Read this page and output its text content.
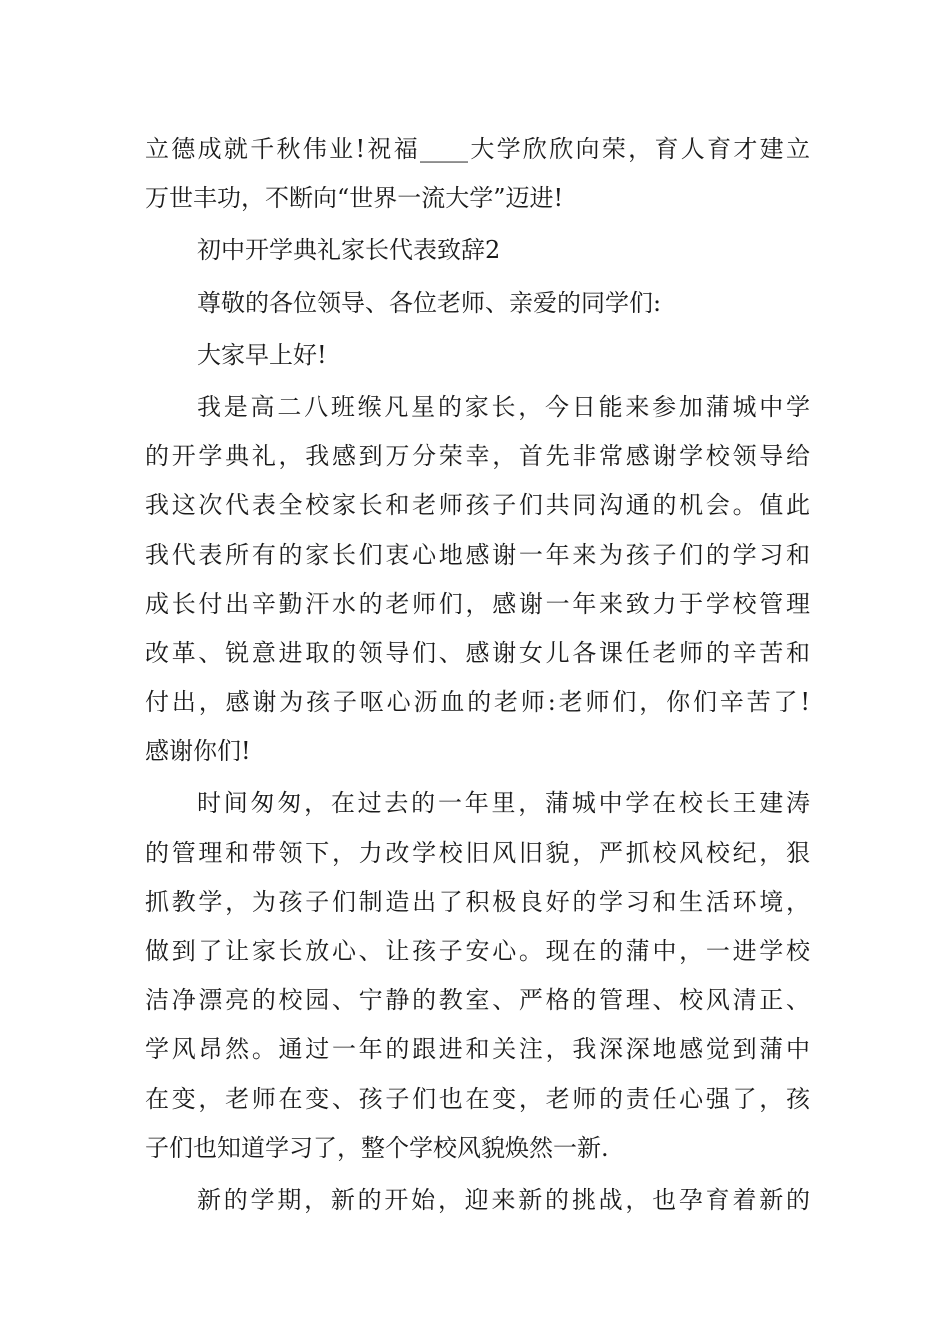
立德成就千秋伟业!祝福____大学欣欣向荣，育人育才建立
万世丰功，不断向“世界一流大学”迈进!
初中开学典礼家长代表致辞2
尊敬的各位领导、各位老师、亲爱的同学们:
大家早上好!
我是高二八班缑凡星的家长，今日能来参加蒲城中学
的开学典礼，我感到万分荣幸，首先非常感谢学校领导给
我这次代表全校家长和老师孩子们共同沟通的机会。值此
我代表所有的家长们衷心地感谢一年来为孩子们的学习和
成长付出辛勤汗水的老师们，感谢一年来致力于学校管理
改革、锐意进取的领导们、感谢女儿各课任老师的辛苦和
付出，感谢为孩子呕心沥血的老师:老师们，你们辛苦了!
感谢你们!
时间匆匆，在过去的一年里，蒲城中学在校长王建涛
的管理和带领下，力改学校旧风旧貌，严抓校风校纪，狠
抓教学，为孩子们制造出了积极良好的学习和生活环境，
做到了让家长放心、让孩子安心。现在的蒲中，一进学校
洁净漂亮的校园、宁静的教室、严格的管理、校风清正、
学风昂然。通过一年的跟进和关注，我深深地感觉到蒲中
在变，老师在变、孩子们也在变，老师的责任心强了，孩
子们也知道学习了，整个学校风貌焕然一新.
新的学期，新的开始，迎来新的挑战，也孕育着新的
